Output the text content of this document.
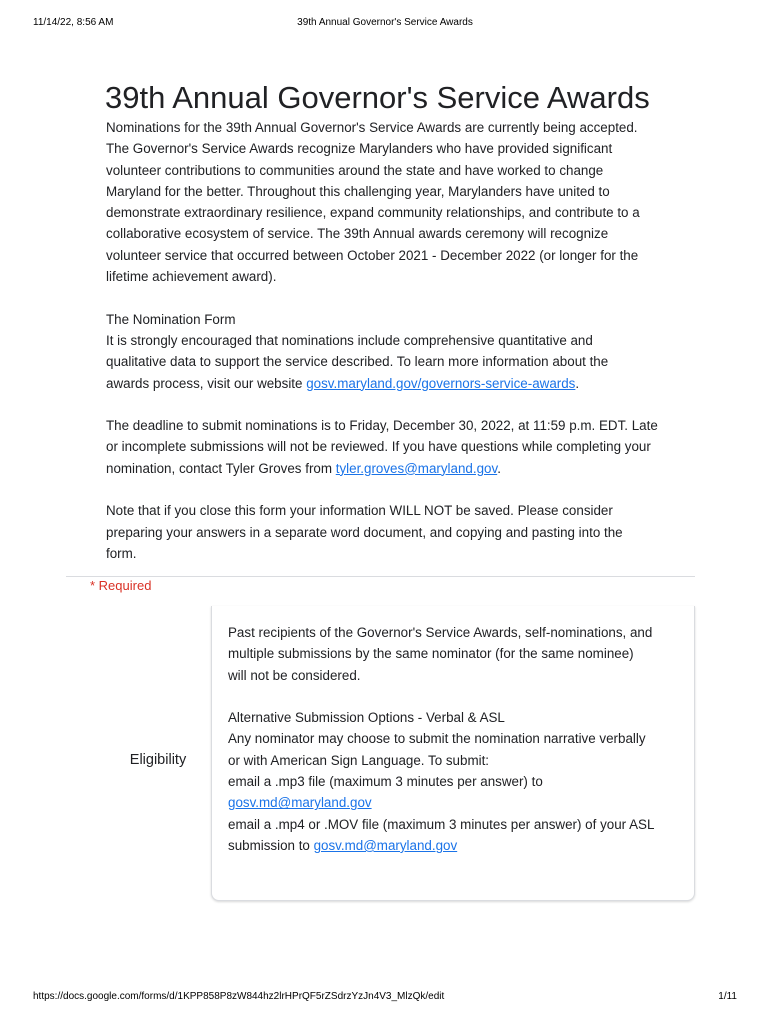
11/14/22, 8:56 AM	39th Annual Governor's Service Awards
39th Annual Governor's Service Awards

Nominations for the 39th Annual Governor's Service Awards are currently being accepted.

The Governor's Service Awards recognize Marylanders who have provided significant

volunteer contributions to communities around the state and have worked to change

Maryland for the better. Throughout this challenging year, Marylanders have united to

demonstrate extraordinary resilience, expand community relationships, and contribute to a

collaborative ecosystem of service. The 39th Annual awards ceremony will recognize

volunteer service that occurred between October 2021 - December 2022 (or longer for the

lifetime achievement award).

The Nomination Form

It is strongly encouraged that nominations include comprehensive quantitative and

qualitative data to support the service described. To learn more information about the

awards process, visit our website gosv.maryland.gov/governors-service-awards.

The deadline to submit nominations is to Friday, December 30, 2022, at 11:59 p.m. EDT. Late

or incomplete submissions will not be reviewed. If you have questions while completing your

nomination, contact Tyler Groves from tyler.groves@maryland.gov.

Note that if you close this form your information WILL NOT be saved. Please consider

preparing your answers in a separate word document, and copying and pasting into the

form.

* Required
Eligibility

Past recipients of the Governor's Service Awards, self-nominations, and

multiple submissions by the same nominator (for the same nominee)

will not be considered.

Alternative Submission Options - Verbal & ASL

Any nominator may choose to submit the nomination narrative verbally

or with American Sign Language. To submit:

email a .mp3 file (maximum 3 minutes per answer) to

gosv.md@maryland.gov

email a .mp4 or .MOV file (maximum 3 minutes per answer) of your ASL

submission to gosv.md@maryland.gov

https://docs.google.com/forms/d/1KPP858P8zW844hz2lrHPrQF5rZSdrzYzJn4V3_MlzQk/edit	1/11
